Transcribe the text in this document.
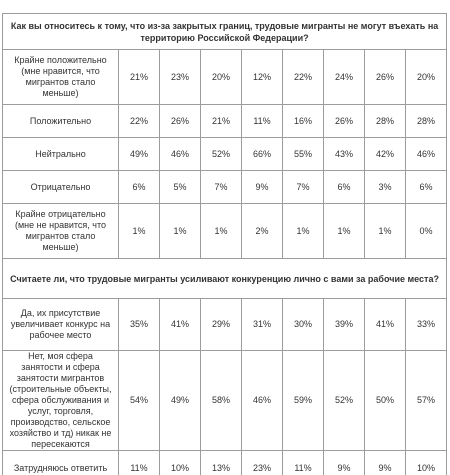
Как вы относитесь к тому, что из-за закрытых границ, трудовые мигранты не могут въехать на территорию Российской Федерации?								
Крайне положительно (мне нравится, что мигрантов стало меньше)	21%	23%	20%	12%	22%	24%	26%	20%
Положительно	22%	26%	21%	11%	16%	26%	28%	28%
Нейтрально	49%	46%	52%	66%	55%	43%	42%	46%
Отрицательно	6%	5%	7%	9%	7%	6%	3%	6%
Крайне отрицательно (мне не нравится, что мигрантов стало меньше)	1%	1%	1%	2%	1%	1%	1%	0%
Считаете ли, что трудовые мигранты усиливают конкуренцию лично с вами за рабочие места?								
Да, их присутствие увеличивает конкурс на рабочее место	35%	41%	29%	31%	30%	39%	41%	33%
Нет, моя сфера занятости и сфера занятости мигрантов (строительные объекты, сфера обслуживания и услуг, торговля, производство, сельское хозяйство и тд) никак не пересекаются	54%	49%	58%	46%	59%	52%	50%	57%
Затрудняюсь ответить	11%	10%	13%	23%	11%	9%	9%	10%
